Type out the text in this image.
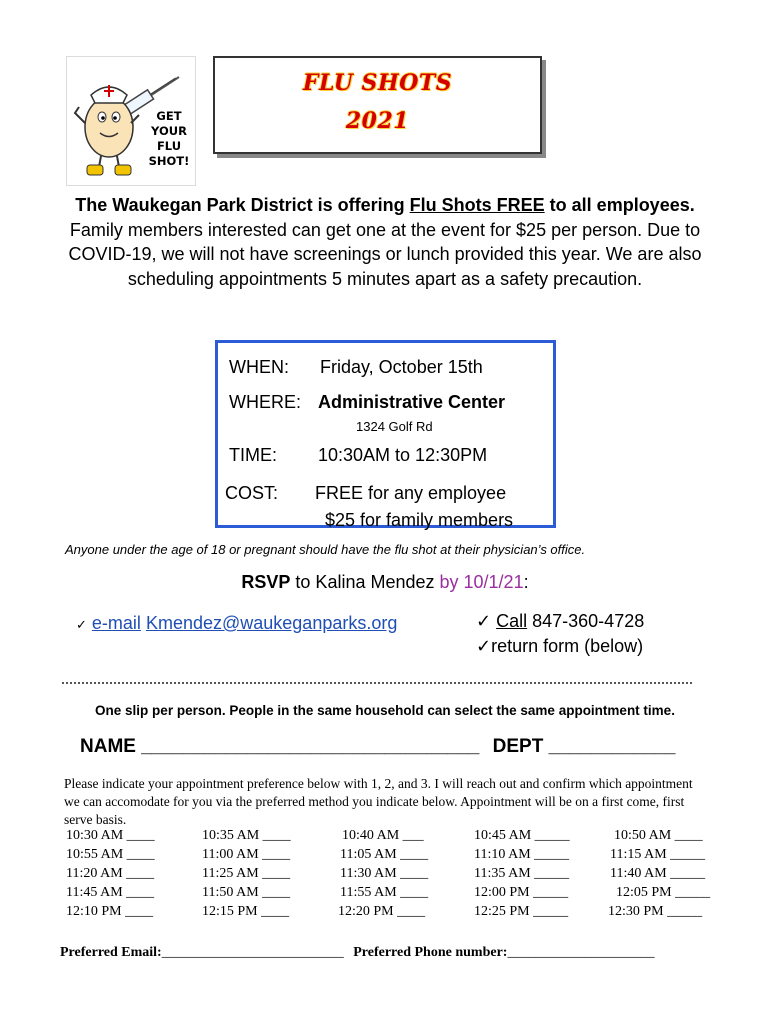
GET
YOUR
FLU
SHOT!
FLU SHOTS
2021
The Waukegan Park District is offering Flu Shots FREE to all employees. Family members interested can get one at the event for $25 per person. Due to COVID-19, we will not have screenings or lunch provided this year. We are also scheduling appointments 5 minutes apart as a safety precaution.
WHEN: Friday, October 15th
WHERE: Administrative Center
1324 Golf Rd
TIME: 10:30AM to 12:30PM
COST: FREE for any employee
$25 for family members
Anyone under the age of 18 or pregnant should have the flu shot at their physician’s office.
RSVP to Kalina Mendez by 10/1/21:
✓ e-mail Kmendez@waukeganparks.org	✓ Call 847-360-4728
✓return form (below)
One slip per person. People in the same household can select the same appointment time.
NAME ________________________________ DEPT ____________
Please indicate your appointment preference below with 1, 2, and 3. I will reach out and confirm which appointment we can accomodate for you via the preferred method you indicate below. Appointment will be on a first come, first serve basis.
10:30 AM ____
10:55 AM ____
11:20 AM ____
11:45 AM ____
12:10 PM ____
10:35 AM ____
11:00 AM ____
11:25 AM ____
11:50 AM ____
12:15 PM ____
10:40 AM ___
11:05 AM ____
11:30 AM ____
11:55 AM ____
12:20 PM ____
10:45 AM _____
11:10 AM _____
11:35 AM _____
12:00 PM _____
12:25 PM _____
10:50 AM ____
11:15 AM _____
11:40 AM _____
12:05 PM _____
12:30 PM _____
Preferred Email:__________________________ Preferred Phone number:_____________________
